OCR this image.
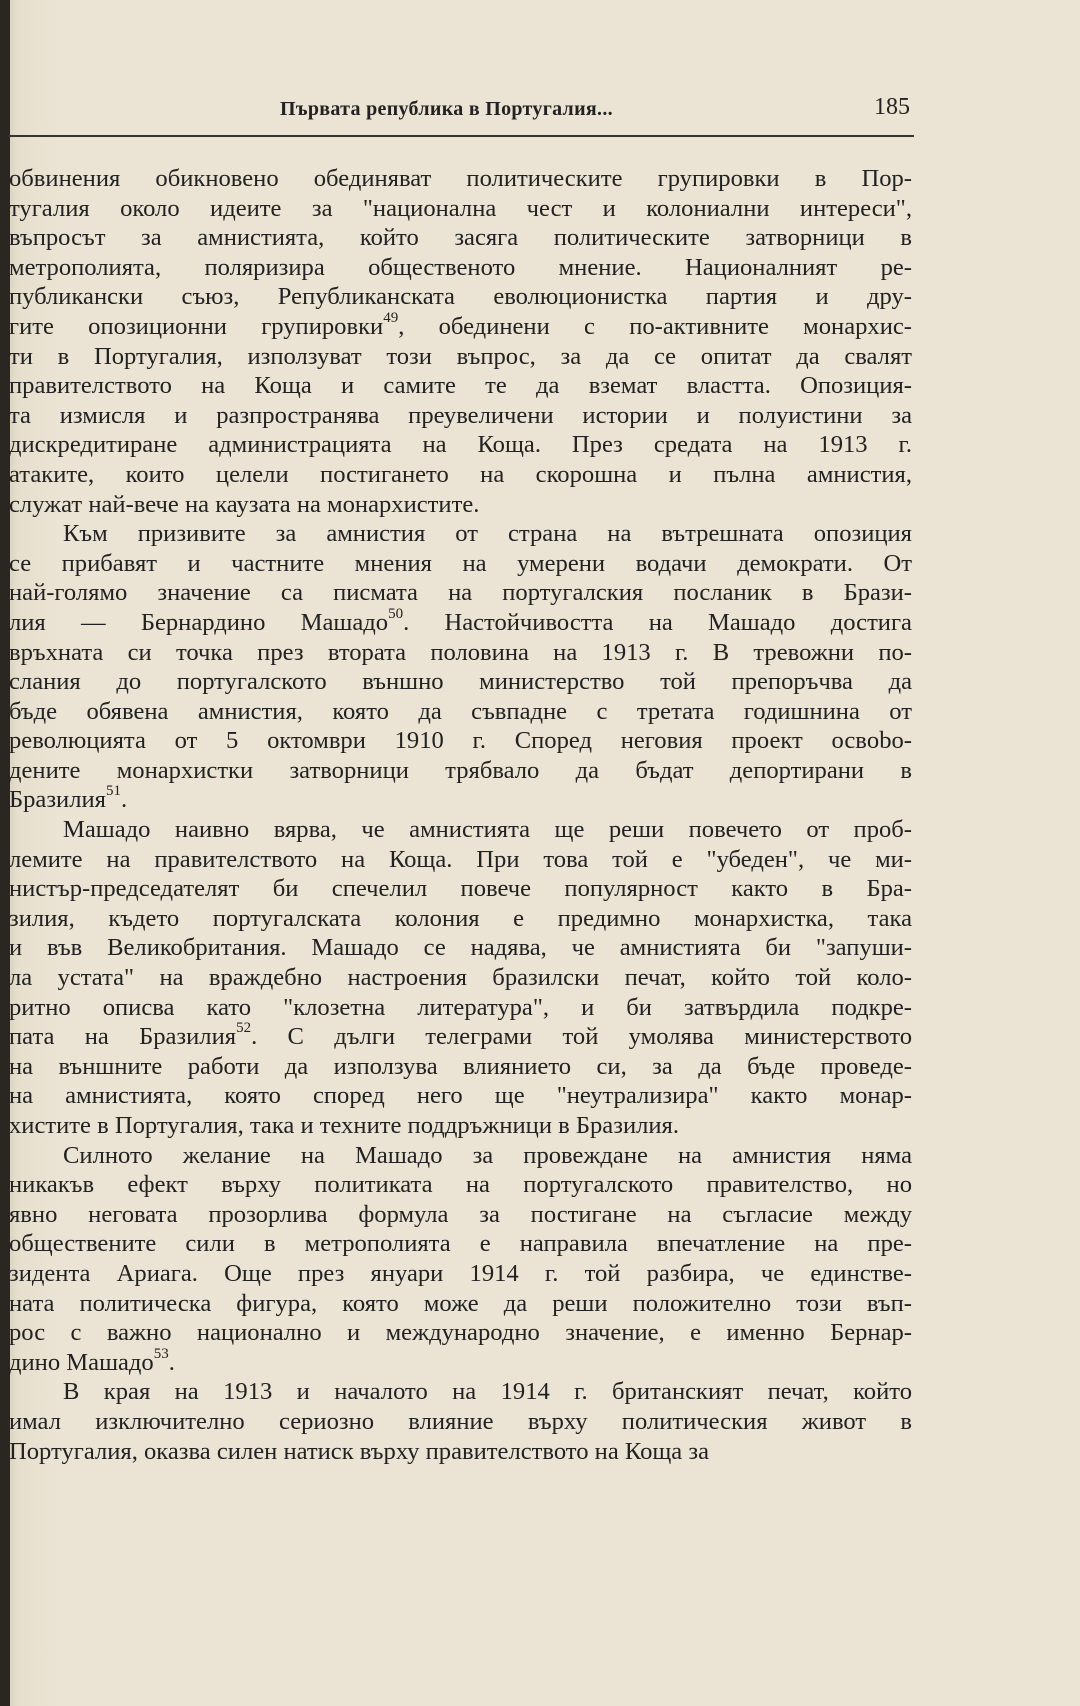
Първата република в Португалия...	185
обвинения обикновено обединяват политическите групировки в Пор-
тугалия около идеите за "национална чест и колониални интереси",
въпросът за амнистията, който засяга политическите затворници в
метрополията, поляризира общественото мнение. Националният ре-
публикански съюз, Републиканската еволюционистка партия и дру-
гите опозиционни групировки$^{49}$, обединени с по-активните монархис-
ти в Португалия, използуват този въпрос, за да се опитат да свалят
правителството на Коща и самите те да вземат властта. Опозиция-
та измисля и разпространява преувеличени истории и полуистини за
дискредитиране администрацията на Коща. През средата на 1913 г.
атаките, които целели постигането на скорошна и пълна амнистия,
служат най-вече на каузата на монархистите.
Към призивите за амнистия от страна на вътрешната опозиция
се прибавят и частните мнения на умерени водачи демократи. От
най-голямо значение са писмата на португалския посланик в Брази-
лия — Бернардино Машадо$^{50}$. Настойчивостта на Машадо достига
връхната си точка през втората половина на 1913 г. В тревожни по-
слания до португалското външно министерство той препоръчва да
бъде обявена амнистия, която да съвпадне с третата годишнина от
революцията от 5 октомври 1910 г. Според неговия проект освobo-
дените монархистки затворници трябвало да бъдат депортирани в
Бразилия$^{51}$.
Машадо наивно вярва, че амнистията ще реши повечето от проб-
лемите на правителството на Коща. При това той е "убеден", че ми-
нистър-председателят би спечелил повече популярност както в Бра-
зилия, където португалската колония е предимно монархистка, така
и във Великобритания. Машадо се надява, че амнистията би "запуши-
ла устата" на враждебно настроения бразилски печат, който той коло-
ритно описва като "клозетна литература", и би затвърдила подкре-
пата на Бразилия$^{52}$. С дълги телеграми той умолява министерството
на външните работи да използува влиянието си, за да бъде проведе-
на амнистията, която според него ще "неутрализира" както монар-
хистите в Португалия, така и техните поддръжници в Бразилия.
Силното желание на Машадо за провеждане на амнистия няма
никакъв ефект върху политиката на португалското правителство, но
явно неговата прозорлива формула за постигане на съгласие между
обществените сили в метрополията е направила впечатление на пре-
зидента Ариага. Още през януари 1914 г. той разбира, че единстве-
ната политическа фигура, която може да реши положително този въп-
рос с важно национално и международно значение, е именно Бернар-
дино Машадо$^{53}$.
В края на 1913 и началото на 1914 г. британският печат, който
имал изключително сериозно влияние върху политическия живот в
Португалия, оказва силен натиск върху правителството на Коща за
